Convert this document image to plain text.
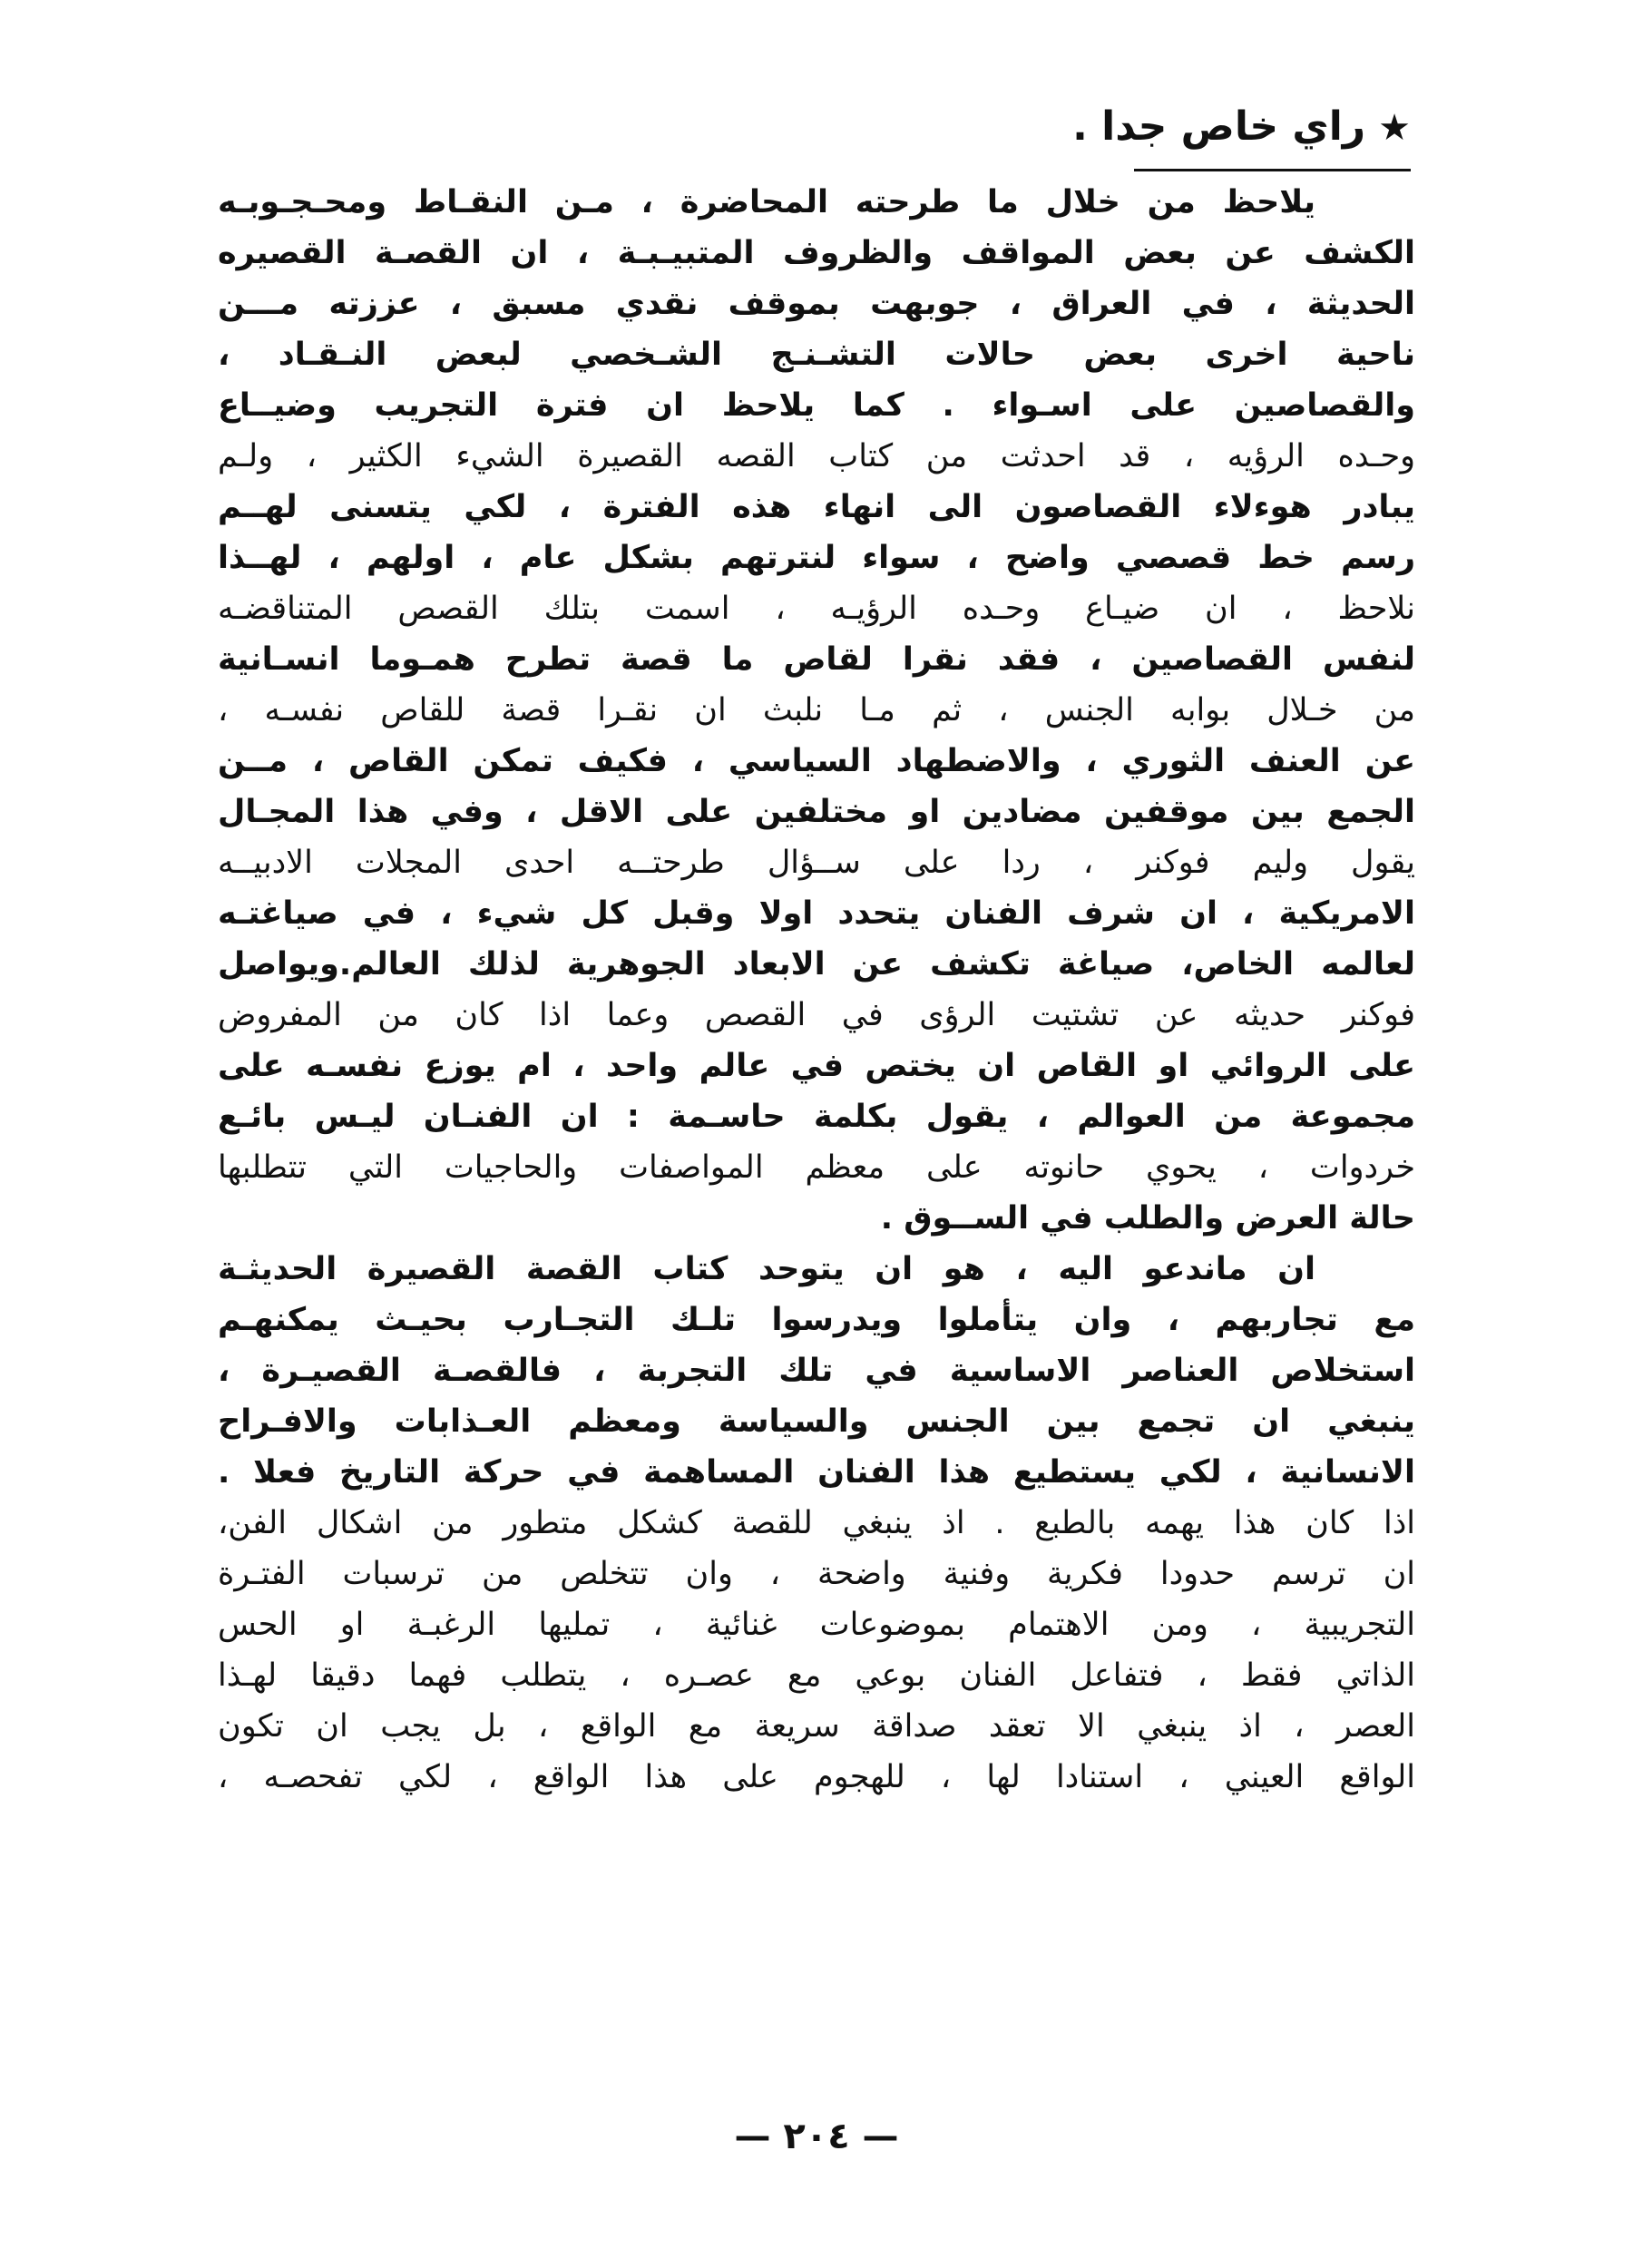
★راي خاص جدا .
يلاحظ من خلال ما طرحته المحاضرة ، مـن النقـاط ومحـجـوبـه
الكشف عن بعض المواقف والظروف المتبيـبـة ، ان القصـة القصيره
الحديثة ، في العراق ، جوبهت بموقف نقدي مسبق ، عززته مـــن
ناحية اخرى بعض حالات التشـنـج الشـخصي لبعض النـقـاد ،
والقصاصين على اسـواء . كما يلاحظ ان فترة التجريب وضيــاع
وحـده الرؤيه ، قد احدثت من كتاب القصه القصيرة الشيء الكثير ، ولـم
يبادر هوءلاء القصاصون الى انهاء هذه الفترة ، لكي يتسنى لهــم
رسم خط قصصي واضح ، سواء لنترتهم بشكل عام ، اولهم ، لهــذا
نلاحظ ، ان ضيـاع وحـده الرؤيـه ، اسمت بتلك القصص المتناقضـه
لنفس القصاصين ، فقد نقرا لقاص ما قصة تطرح همـوما انسـانية
من خـلال بوابه الجنس ، ثم مـا نلبث ان نقـرا قصة للقاص نفسـه ،
عن العنف الثوري ، والاضطهاد السياسي ، فكيف تمكن القاص ، مــن
الجمع بين موقفين مضادين او مختلفين على الاقل ، وفي هذا المجـال
يقول وليم فوكنر ، ردا على ســؤال طرحتــه احدى المجلات الادبيــه
الامريكية ، ان شرف الفنان يتحدد اولا وقبل كل شيء ، في صياغتـه
لعالمه الخاص، صياغة تكشف عن الابعاد الجوهرية لذلك العالم.ويواصل
فوكنر حديثه عن تشتيت الرؤى في القصص وعما اذا كان من المفروض
على الروائي او القاص ان يختص في عالم واحد ، ام يوزع نفسـه على
مجموعة من العوالم ، يقول بكلمة حاسـمة : ان الفنـان ليـس بائـع
خردوات ، يحوي حانوته على معظم المواصفات والحاجيات التي تتطلبها
حالة العرض والطلب في الســوق .
ان ماندعو اليه ، هو ان يتوحد كتاب القصة القصيرة الحديثـة
مع تجاربهم ، وان يتأملوا ويدرسوا تلـك التجـارب بحيـث يمكنهـم
استخلاص العناصر الاساسية في تلك التجربة ، فالقصـة القصيـرة ،
ينبغي ان تجمع بين الجنس والسياسة ومعظم العـذابات والافـراح
الانسانية ، لكي يستطيع هذا الفنان المساهمة في حركة التاريخ فعلا .
اذا كان هذا يهمه بالطبع . اذ ينبغي للقصة كشكل متطور من اشكال الفن،
ان ترسم حدودا فكرية وفنية واضحة ، وان تتخلص من ترسبات الفتـرة
التجريبية ، ومن الاهتمام بموضوعات غنائية ، تمليها الرغبـة او الحس
الذاتي فقط ، فتفاعل الفنان بوعي مع عصـره ، يتطلب فهما دقيقا لهـذا
العصر ، اذ ينبغي الا تعقد صداقة سريعة مع الواقع ، بل يجب ان تكون
الواقع العيني ، استنادا لها ، للهجوم على هذا الواقع ، لكي تفحصـه ،
— ٢٠٤ —
